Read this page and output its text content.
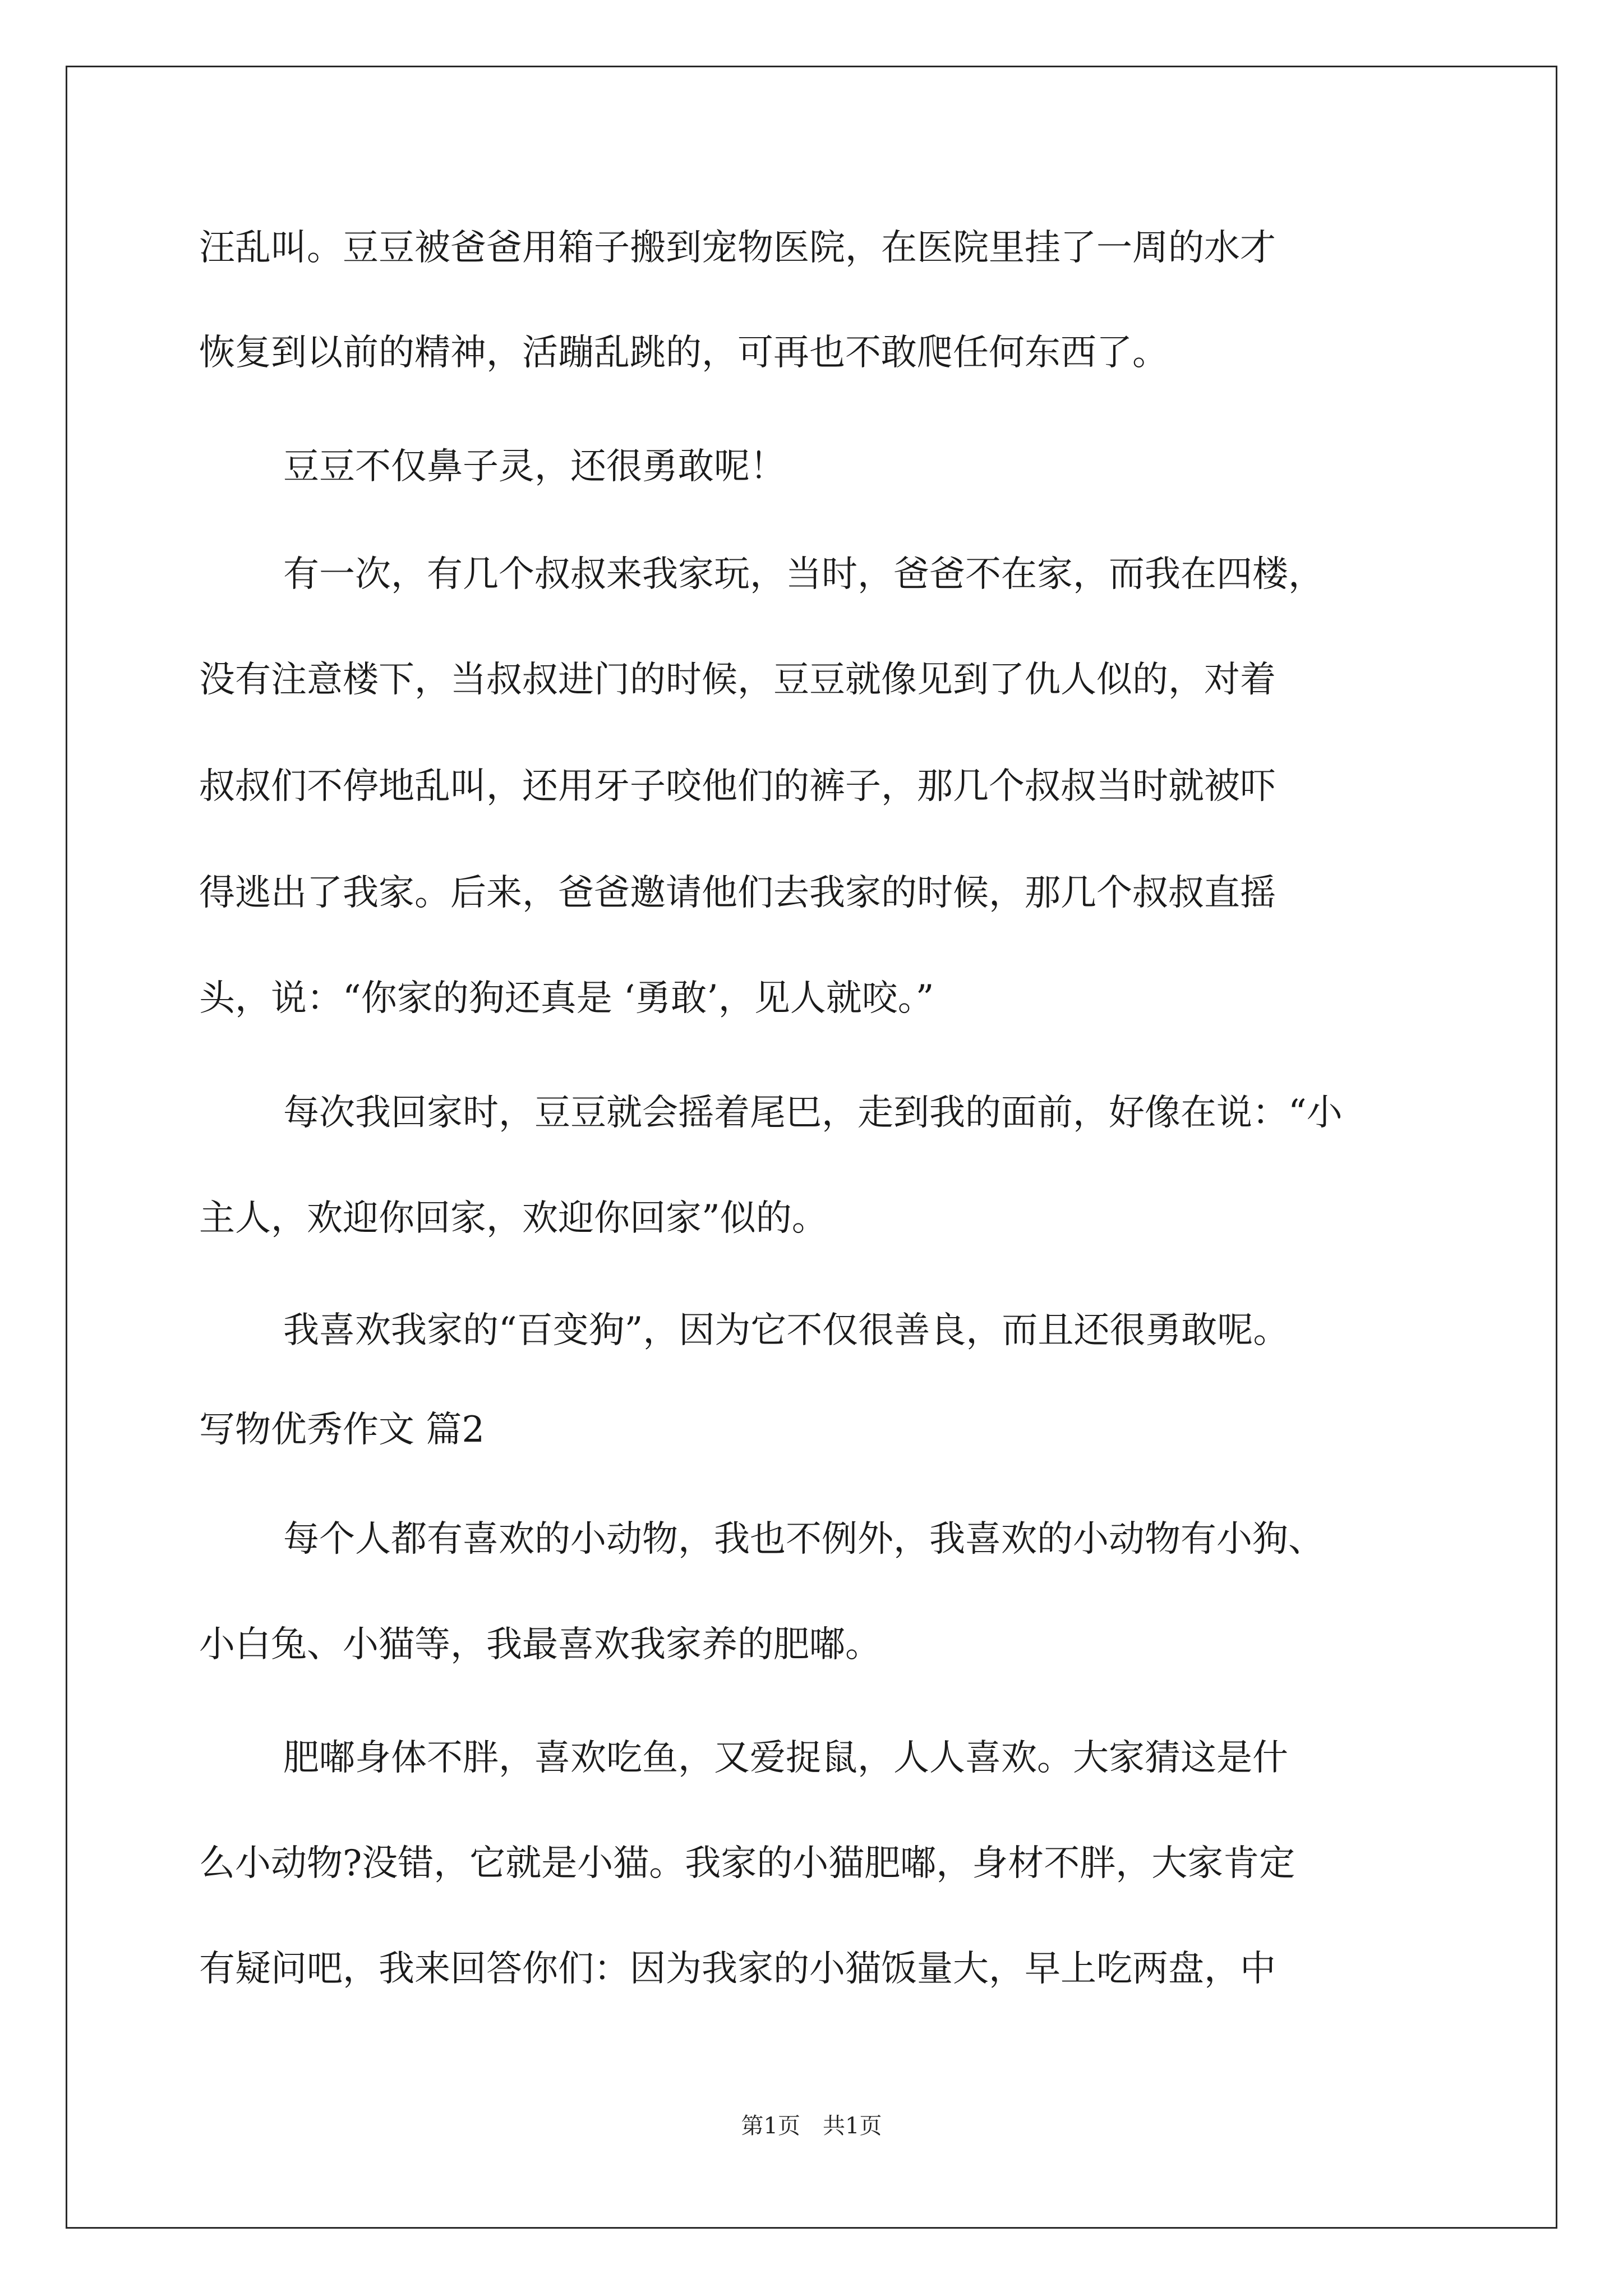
汪乱叫。豆豆被爸爸用箱子搬到宠物医院，在医院里挂了一周的水才
恢复到以前的精神，活蹦乱跳的，可再也不敢爬任何东西了。
豆豆不仅鼻子灵，还很勇敢呢！
有一次，有几个叔叔来我家玩，当时，爸爸不在家，而我在四楼，
没有注意楼下，当叔叔进门的时候，豆豆就像见到了仇人似的，对着
叔叔们不停地乱叫，还用牙子咬他们的裤子，那几个叔叔当时就被吓
得逃出了我家。后来，爸爸邀请他们去我家的时候，那几个叔叔直摇
头，说：“你家的狗还真是 ‘勇敢’，见人就咬。”
每次我回家时，豆豆就会摇着尾巴，走到我的面前，好像在说：“小
主人，欢迎你回家，欢迎你回家”似的。
我喜欢我家的“百变狗”，因为它不仅很善良，而且还很勇敢呢。
写物优秀作文 篇2
每个人都有喜欢的小动物，我也不例外，我喜欢的小动物有小狗、
小白兔、小猫等，我最喜欢我家养的肥嘟。
肥嘟身体不胖，喜欢吃鱼，又爱捉鼠，人人喜欢。大家猜这是什
么小动物?没错，它就是小猫。我家的小猫肥嘟，身材不胖，大家肯定
有疑问吧，我来回答你们：因为我家的小猫饭量大，早上吃两盘，中
第1页　共1页
